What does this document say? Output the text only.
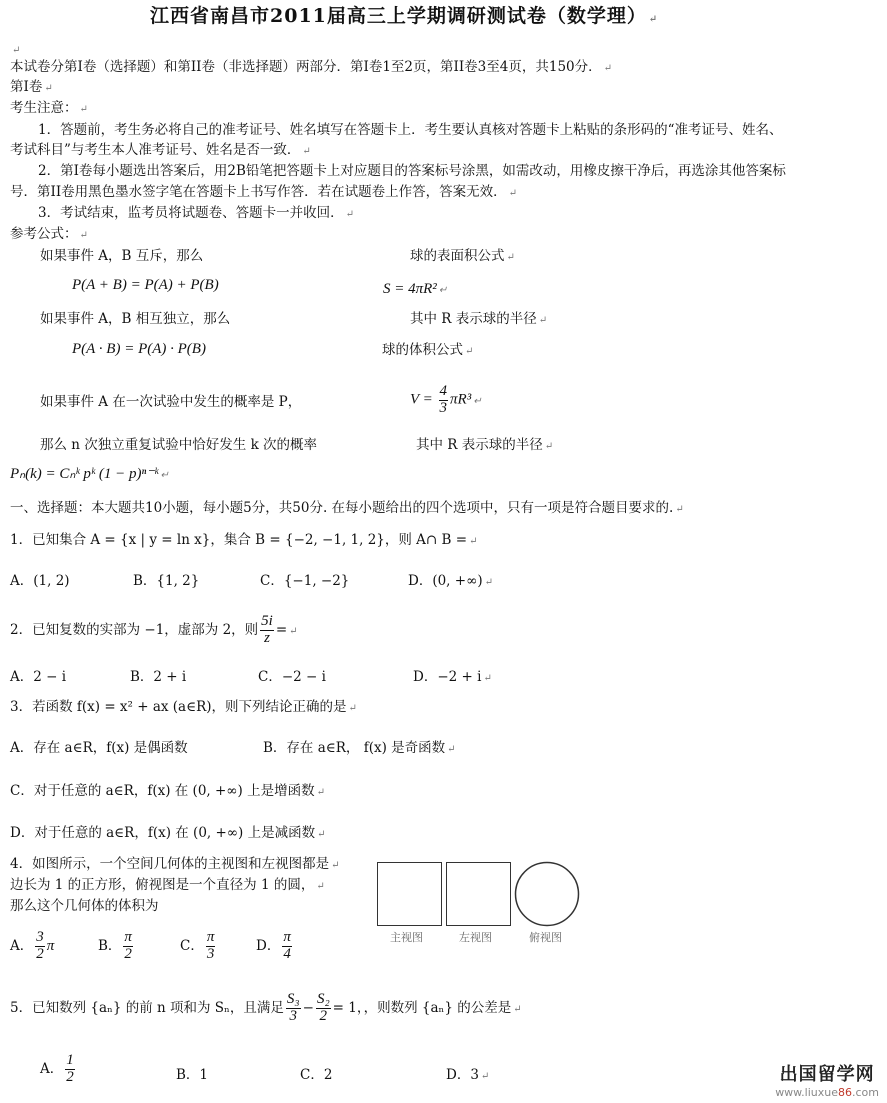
江西省南昌市2011届高三上学期调研测试卷（数学理） ↵
↵
本试卷分第Ⅰ卷（选择题）和第II卷（非选择题）两部分．第Ⅰ卷1至2页，第II卷3至4页，共150分． ↵
第Ⅰ卷 ↵
考生注意： ↵
1．答题前，考生务必将自己的准考证号、姓名填写在答题卡上．考生要认真核对答题卡上粘贴的条形码的“准考证号、姓名、
考试科目”与考生本人准考证号、姓名是否一致． ↵
2．第Ⅰ卷每小题选出答案后，用2B铅笔把答题卡上对应题目的答案标号涂黑，如需改动，用橡皮擦干净后，再选涂其他答案标
号．第II卷用黑色墨水签字笔在答题卡上书写作答．若在试题卷上作答，答案无效． ↵
3．考试结束，监考员将试题卷、答题卡一并收回． ↵
参考公式： ↵
如果事件 A，B 互斥，那么	球的表面积公式 ↵
P(A + B) = P(A) + P(B)	S = 4πR² ↵
如果事件 A，B 相互独立，那么	其中 R 表示球的半径 ↵
P(A · B) = P(A) · P(B)	球的体积公式 ↵
如果事件 A 在一次试验中发生的概率是 P，	$V = \frac{4}{3} \pi R^3$ ↵
那么 n 次独立重复试验中恰好发生 k 次的概率	其中 R 表示球的半径 ↵
Pₙ(k) = Cₙᵏ pᵏ (1 − p)ⁿ⁻ᵏ ↵
一、选择题：本大题共10小题，每小题5分，共50分. 在每小题给出的四个选项中，只有一项是符合题目要求的. ↵
1．已知集合 A = {x | y = ln x}，集合 B = {−2, −1, 1, 2}，则 A∩ B = ↵
A．(1, 2)	B．{1, 2}	C．{−1, −2}	D．(0, +∞) ↵
2．已知复数的实部为 −1，虚部为 2，则 $\frac{5i}{z}$ = ↵
A．2 − i	B．2 + i	C．−2 − i	D．−2 + i ↵
3．若函数 f(x) = x² + ax (a∈R)，则下列结论正确的是 ↵
A．存在 a∈R，f(x) 是偶函数	B．存在 a∈R， f(x) 是奇函数 ↵
C．对于任意的 a∈R，f(x) 在 (0, +∞) 上是增函数 ↵
D．对于任意的 a∈R，f(x) 在 (0, +∞) 上是减函数 ↵
4．如图所示，一个空间几何体的主视图和左视图都是 ↵
边长为 1 的正方形，俯视图是一个直径为 1 的圆， ↵
那么这个几何体的体积为
主视图	左视图	俯视图
A． $\frac{3}{2}$ π	B． $\frac{\pi}{2}$	C． $\frac{\pi}{3}$	D． $\frac{\pi}{4}$
5．已知数列 {aₙ} 的前 n 项和为 Sₙ，且满足 $\frac{\text{S₃}}{3} - \frac{\text{S₂}}{2} = 1$，，则数列 {aₙ} 的公差是 ↵
A． $\frac{1}{2}$	B．1	C．2	D．3 ↵	出国留学网
www.liuxue86.com
